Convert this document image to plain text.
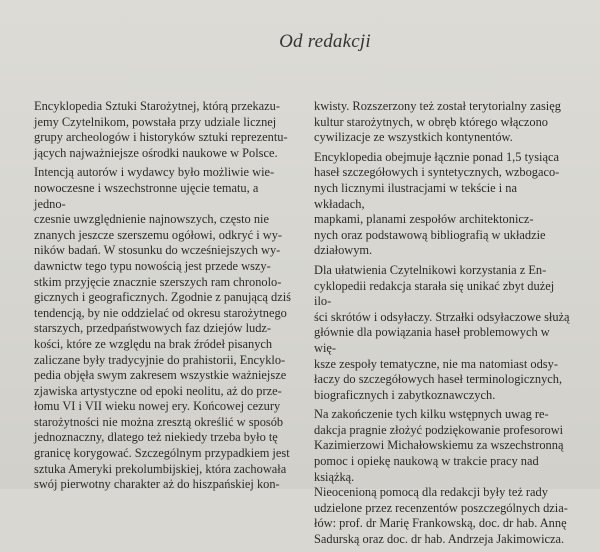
Od redakcji

Encyklopedia Sztuki Starożytnej, którą przekazu-
jemy Czytelnikom, powstała przy udziale licznej
grupy archeologów i historyków sztuki reprezentu-
jących najważniejsze ośrodki naukowe w Polsce.

Intencją autorów i wydawcy było możliwie wie-
nowoczesne i wszechstronne ujęcie tematu, a jedno-
czesnie uwzględnienie najnowszych, często nie
znanych jeszcze szerszemu ogółowi, odkryć i wy-
ników badań. W stosunku do wcześniejszych wy-
dawnictw tego typu nowością jest przede wszy-
stkim przyjęcie znacznie szerszych ram chronolo-
gicznych i geograficznych. Zgodnie z panującą dziś
tendencją, by nie oddzielać od okresu starożytnego
starszych, przedpaństwowych faz dziejów ludz-
kości, które ze względu na brak źródeł pisanych
zaliczane były tradycyjnie do prahistorii, Encyklo-
pedia objęła swym zakresem wszystkie ważniejsze
zjawiska artystyczne od epoki neolitu, aż do prze-
łomu VI i VII wieku nowej ery. Końcowej cezury
starożytności nie można zresztą określić w sposób
jednoznaczny, dlatego też niekiedy trzeba było tę
granicę korygować. Szczególnym przypadkiem jest
sztuka Ameryki prekolumbijskiej, która zachowała
swój pierwotny charakter aż do hiszpańskiej kon-

kwisty. Rozszerzony też został terytorialny zasięg
kultur starożytnych, w obręb którego włączono
cywilizacje ze wszystkich kontynentów.

Encyklopedia obejmuje łącznie ponad 1,5 tysiąca
haseł szczegółowych i syntetycznych, wzbogaco-
nych licznymi ilustracjami w tekście i na wkładach,
mapkami, planami zespołów architektonicz-
nych oraz podstawową bibliografią w układzie
działowym.

Dla ułatwienia Czytelnikowi korzystania z En-
cyklopedii redakcja starała się unikać zbyt dużej ilo-
ści skrótów i odsyłaczy. Strzałki odsyłaczowe służą
głównie dla powiązania haseł problemowych w wię-
ksze zespoły tematyczne, nie ma natomiast odsy-
łaczy do szczegółowych haseł terminologicznych,
biograficznych i zabytkoznawczych.

Na zakończenie tych kilku wstępnych uwag re-
dakcja pragnie złożyć podziękowanie profesorowi
Kazimierzowi Michałowskiemu za wszechstronną
pomoc i opiekę naukową w trakcie pracy nad książką.
Nieocenioną pomocą dla redakcji były też rady
udzielone przez recenzentów poszczególnych dzia-
łów: prof. dr Marię Frankowską, doc. dr hab. Annę
Sadurską oraz doc. dr hab. Andrzeja Jakimowicza.
